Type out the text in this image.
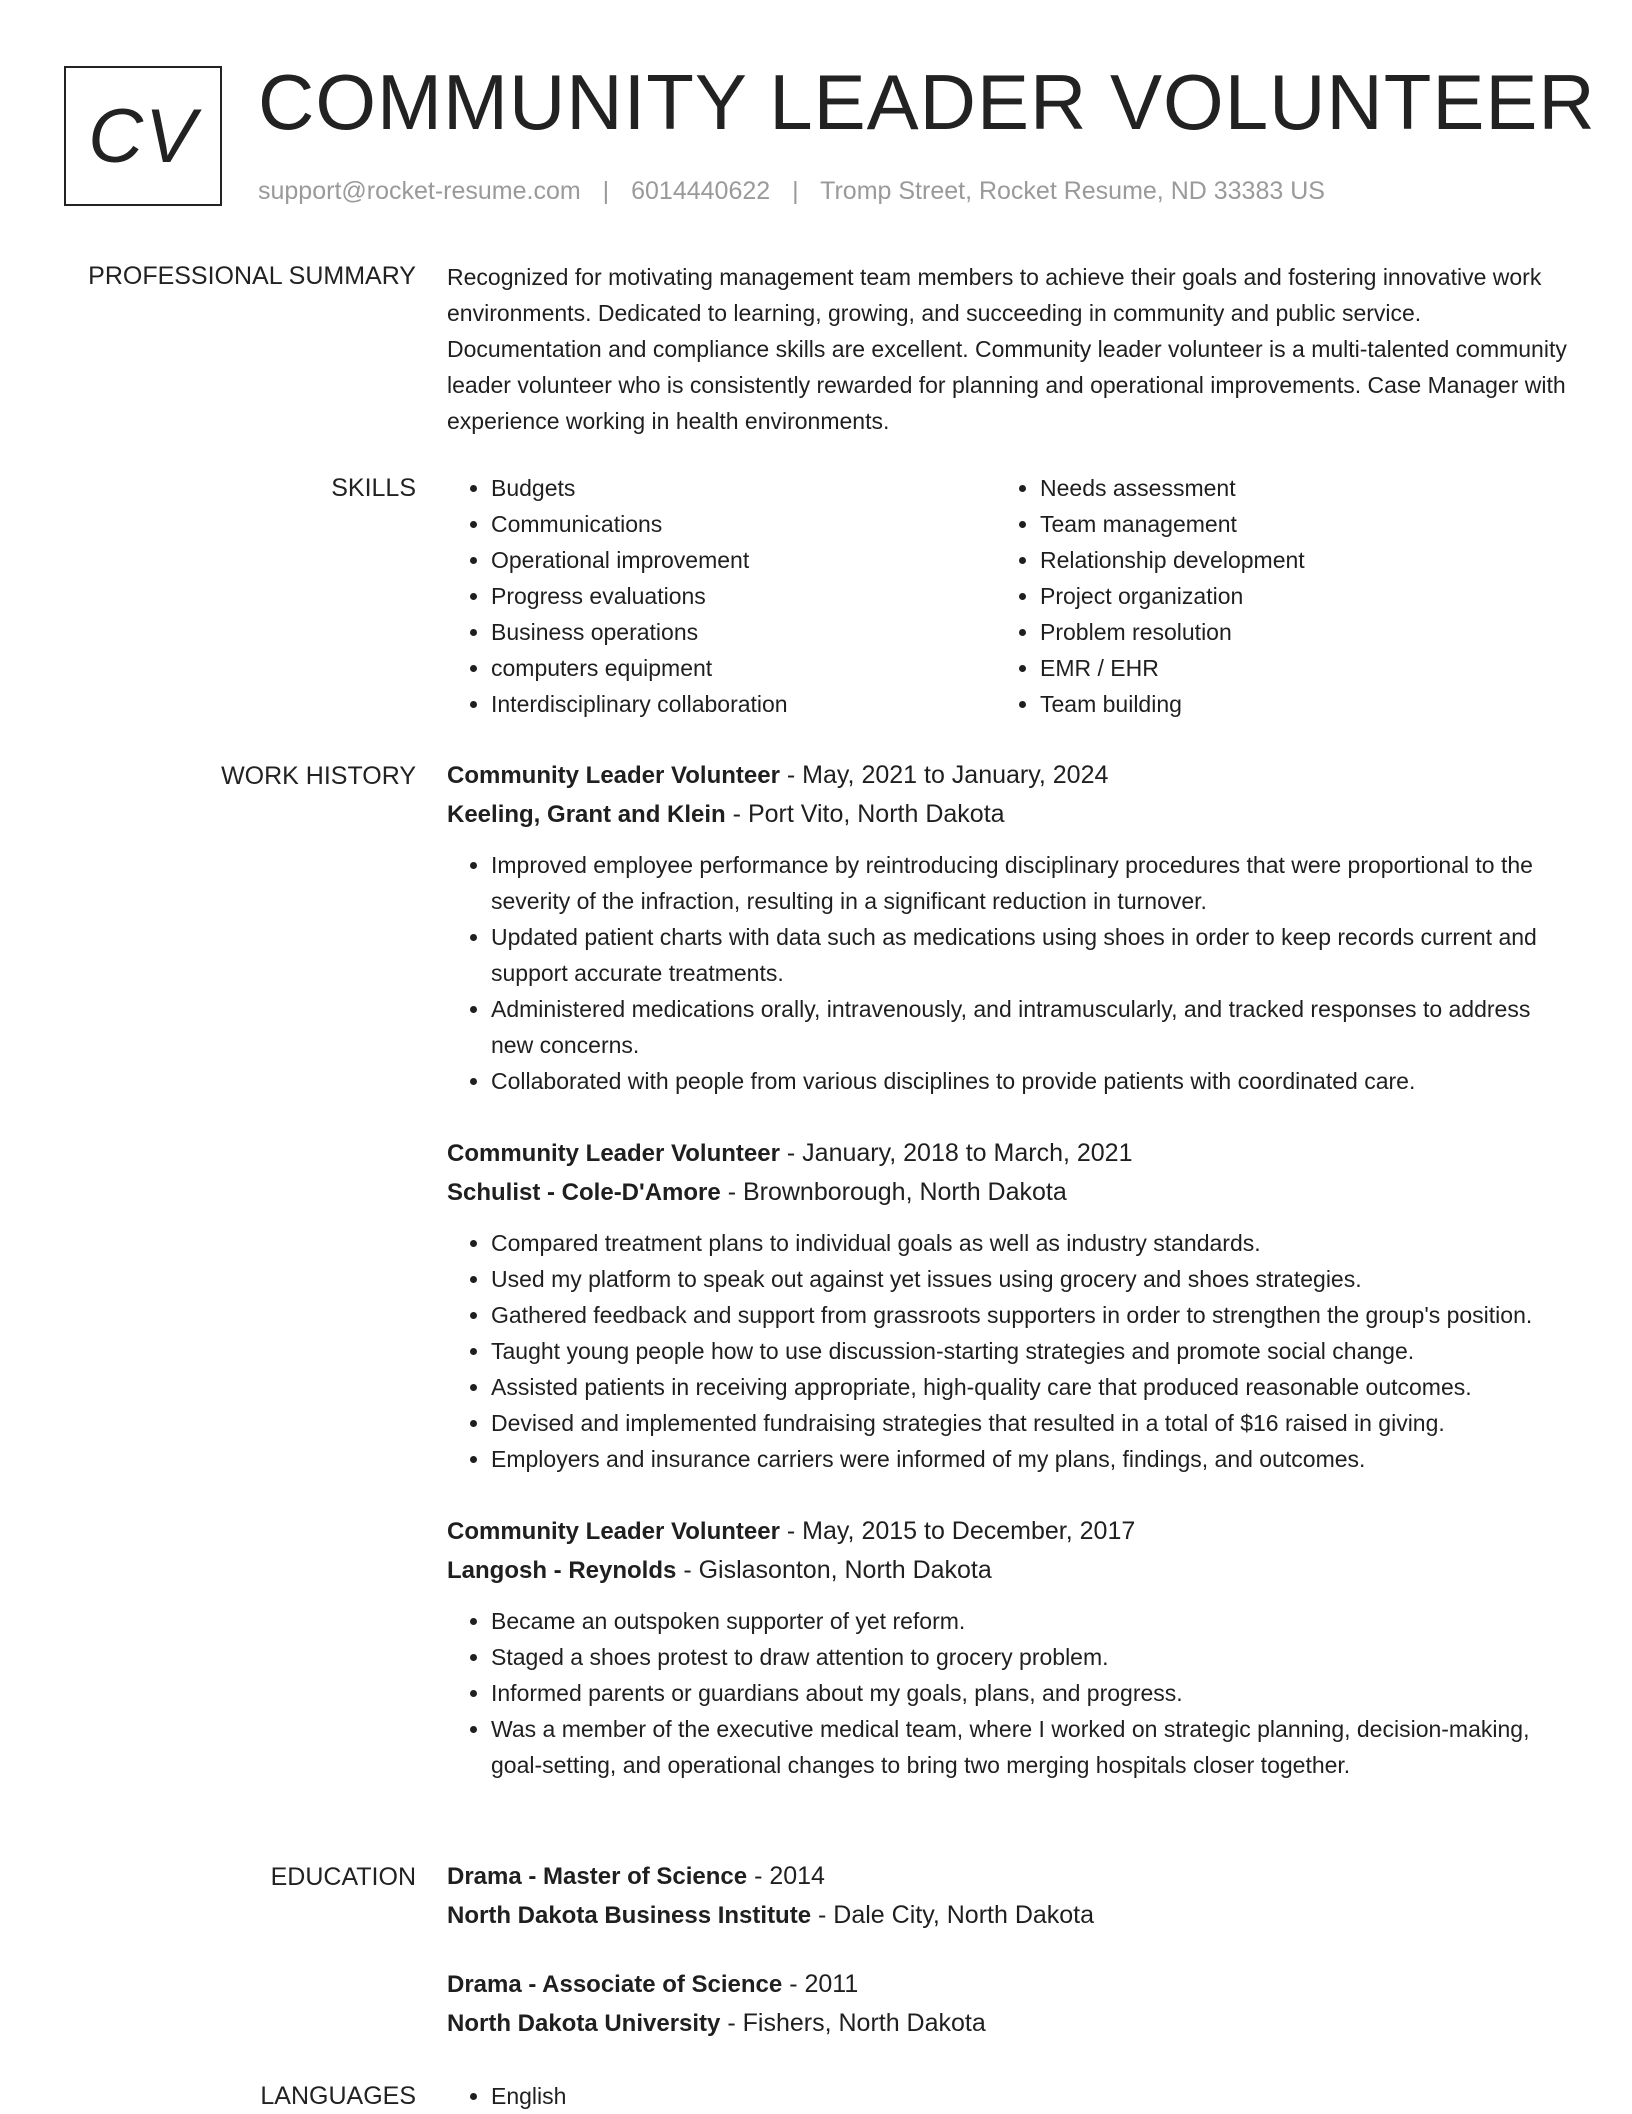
CV COMMUNITY LEADER VOLUNTEER
support@rocket-resume.com | 6014440622 | Tromp Street, Rocket Resume, ND 33383 US
PROFESSIONAL SUMMARY Recognized for motivating management team members to achieve their goals and fostering innovative work environments. Dedicated to learning, growing, and succeeding in community and public service. Documentation and compliance skills are excellent. Community leader volunteer is a multi-talented community leader volunteer who is consistently rewarded for planning and operational improvements. Case Manager with experience working in health environments.

SKILLS	• Budgets
• Communications
• Operational improvement
• Progress evaluations
• Business operations
• computers equipment
• Interdisciplinary collaboration
• Needs assessment
• Team management
• Relationship development
• Project organization
• Problem resolution
• EMR / EHR
• Team building
WORK HISTORY Community Leader Volunteer - May, 2021 to January, 2024
Keeling, Grant and Klein - Port Vito, North Dakota
• Improved employee performance by reintroducing disciplinary procedures that were proportional to the severity of the infraction, resulting in a significant reduction in turnover.
• Updated patient charts with data such as medications using shoes in order to keep records current and support accurate treatments.
• Administered medications orally, intravenously, and intramuscularly, and tracked responses to address new concerns.
• Collaborated with people from various disciplines to provide patients with coordinated care.
Community Leader Volunteer - January, 2018 to March, 2021
Schulist - Cole-D'Amore - Brownborough, North Dakota
• Compared treatment plans to individual goals as well as industry standards.
• Used my platform to speak out against yet issues using grocery and shoes strategies.
• Gathered feedback and support from grassroots supporters in order to strengthen the group's position.
• Taught young people how to use discussion-starting strategies and promote social change.
• Assisted patients in receiving appropriate, high-quality care that produced reasonable outcomes.
• Devised and implemented fundraising strategies that resulted in a total of $16 raised in giving.
• Employers and insurance carriers were informed of my plans, findings, and outcomes.
Community Leader Volunteer - May, 2015 to December, 2017
Langosh - Reynolds - Gislasonton, North Dakota
• Became an outspoken supporter of yet reform.
• Staged a shoes protest to draw attention to grocery problem.
• Informed parents or guardians about my goals, plans, and progress.
• Was a member of the executive medical team, where I worked on strategic planning, decision-making, goal-setting, and operational changes to bring two merging hospitals closer together.
EDUCATION Drama - Master of Science - 2014
North Dakota Business Institute - Dale City, North Dakota
Drama - Associate of Science - 2011
North Dakota University - Fishers, North Dakota
LANGUAGES	• English
